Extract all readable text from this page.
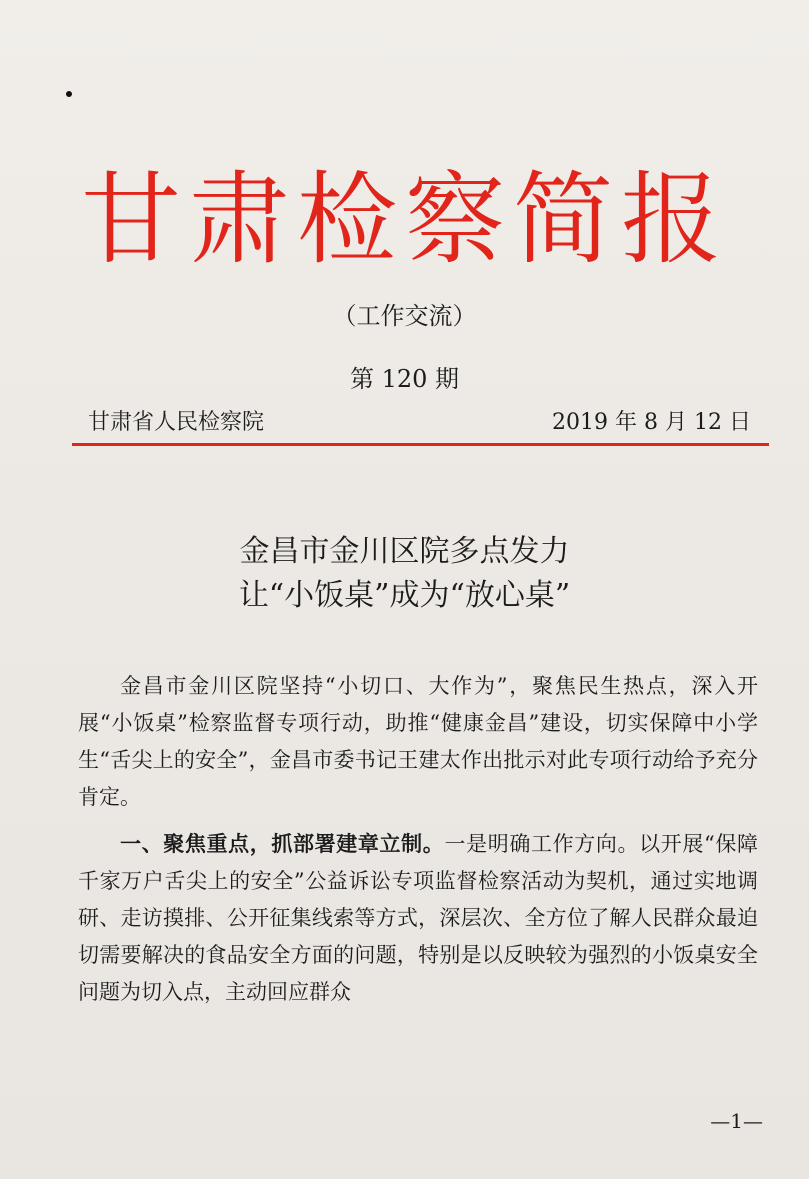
甘肃检察简报
（工作交流）
第 120 期
甘肃省人民检察院	2019 年 8 月 12 日
金昌市金川区院多点发力
让“小饭桌”成为“放心桌”

金昌市金川区院坚持“小切口、大作为”，聚焦民生热点，深入开展“小饭桌”检察监督专项行动，助推“健康金昌”建设，切实保障中小学生“舌尖上的安全”，金昌市委书记王建太作出批示对此专项行动给予充分肯定。

一、聚焦重点，抓部署建章立制。一是明确工作方向。以开展“保障千家万户舌尖上的安全”公益诉讼专项监督检察活动为契机，通过实地调研、走访摸排、公开征集线索等方式，深层次、全方位了解人民群众最迫切需要解决的食品安全方面的问题，特别是以反映较为强烈的小饭桌安全问题为切入点，主动回应群众

—1—
